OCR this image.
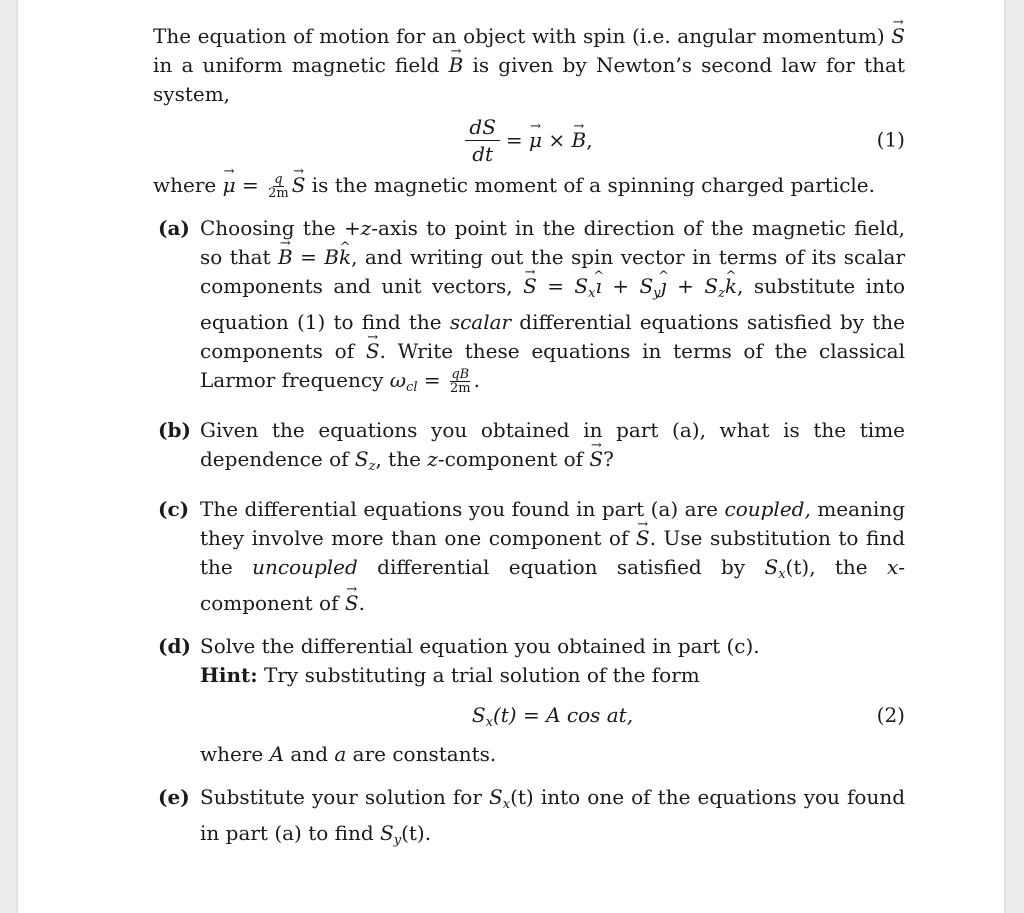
The equation of motion for an object with spin (i.e. angular momentum) S → in a uniform magnetic field B → is given by Newton’s second law for that system,

$\frac{dS}{dt}$ =
μ →
×
B → ,	(1)

where μ → = $\frac{q}{2m}$ S → is the magnetic moment of a spinning charged particle.

(a) Choosing the +z-axis to point in the direction of the magnetic field, so that B → = Bk ^, and writing out the spin vector in terms of its scalar components and unit vectors, S → = $S_xı$ ^ + $S_yȷ$ ^ + $S_zk$ ^, substitute into equation (1) to find the scalar differential equations satisfied by the components of S →. Write these equations in terms of the classical Larmor frequency $\omega_{cl} = \frac{qB}{2m}$ .
(b) Given the equations you obtained in part (a), what is the time dependence of $S_z$, the z-component of S →?
(c) The differential equations you found in part (a) are coupled, meaning they involve more than one component of S →. Use substitution to find the uncoupled differential equation satisfied by $S_x(t)$, the x-component of S →.
(d) Solve the differential equation you obtained in part (c).
Hint: Try substituting a trial solution of the form
$S_x(t) = A$ cos at,	(2)
where A and a are constants.
(e) Substitute your solution for $S_x(t)$ into one of the equations you found in part (a) to find $S_y(t)$.
